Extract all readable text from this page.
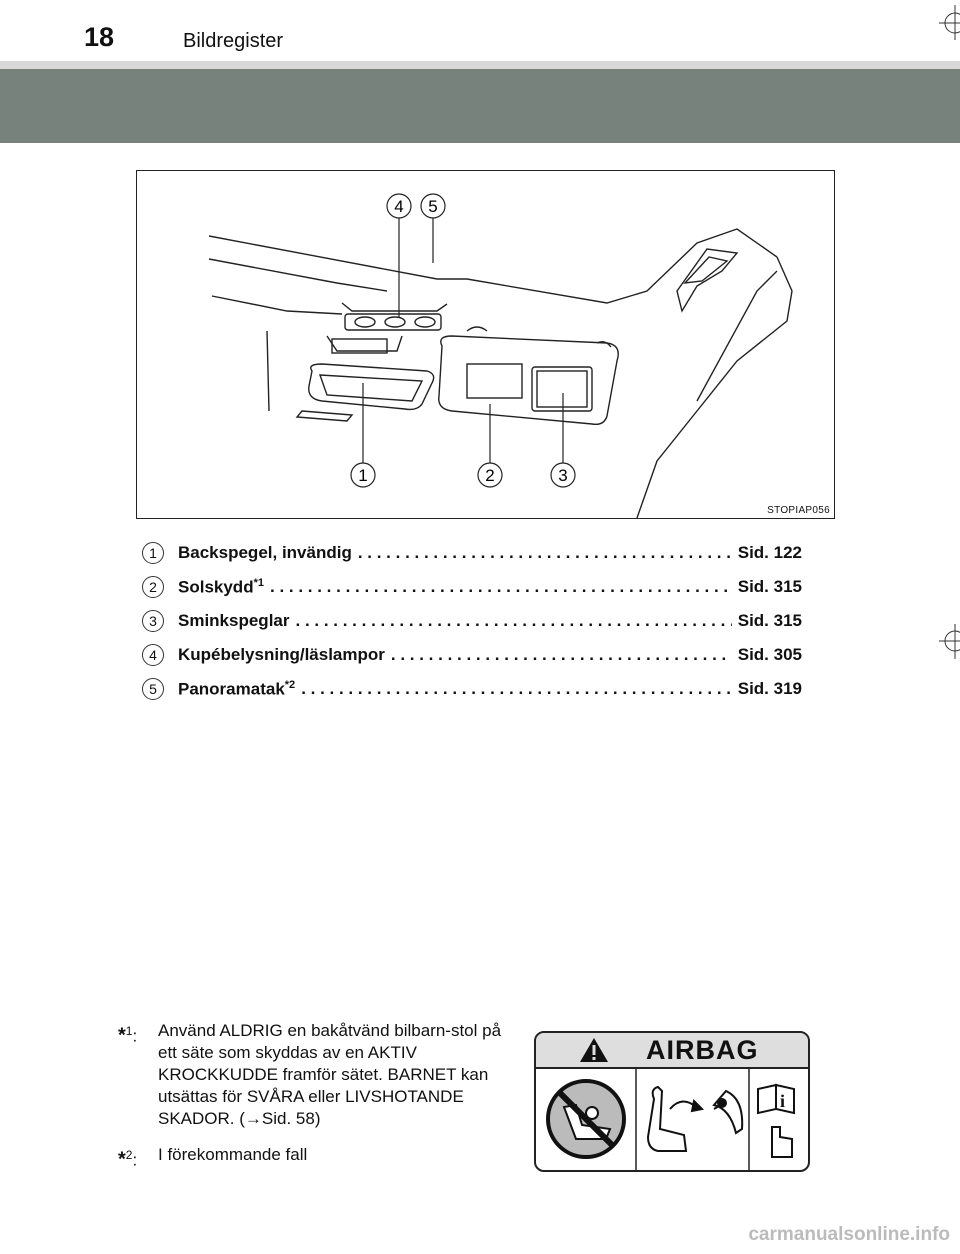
18	Bildregister
4 5
1	2	3
STOPIAP056
1	Backspegel, invändig . . .	Sid. 122
2	Solskydd$^{*1}$ . . .	Sid. 315
3	Sminkspeglar . . .	Sid. 315
4	Kupébelysning/läslampor . . .	Sid. 305
5	Panoramatak$^{*2}$ . . .	Sid. 319
*$^1$:	Använd ALDRIG en bakåtvänd bilbarn-stol på ett säte som skyddas av en AKTIV KROCKKUDDE framför sätet. BARNET kan utsättas för SVÅRA eller LIVSHOTANDE SKADOR. (→Sid. 58)
*$^2$:	I förekommande fall
AIRBAG
i
carmanualsonline.info
